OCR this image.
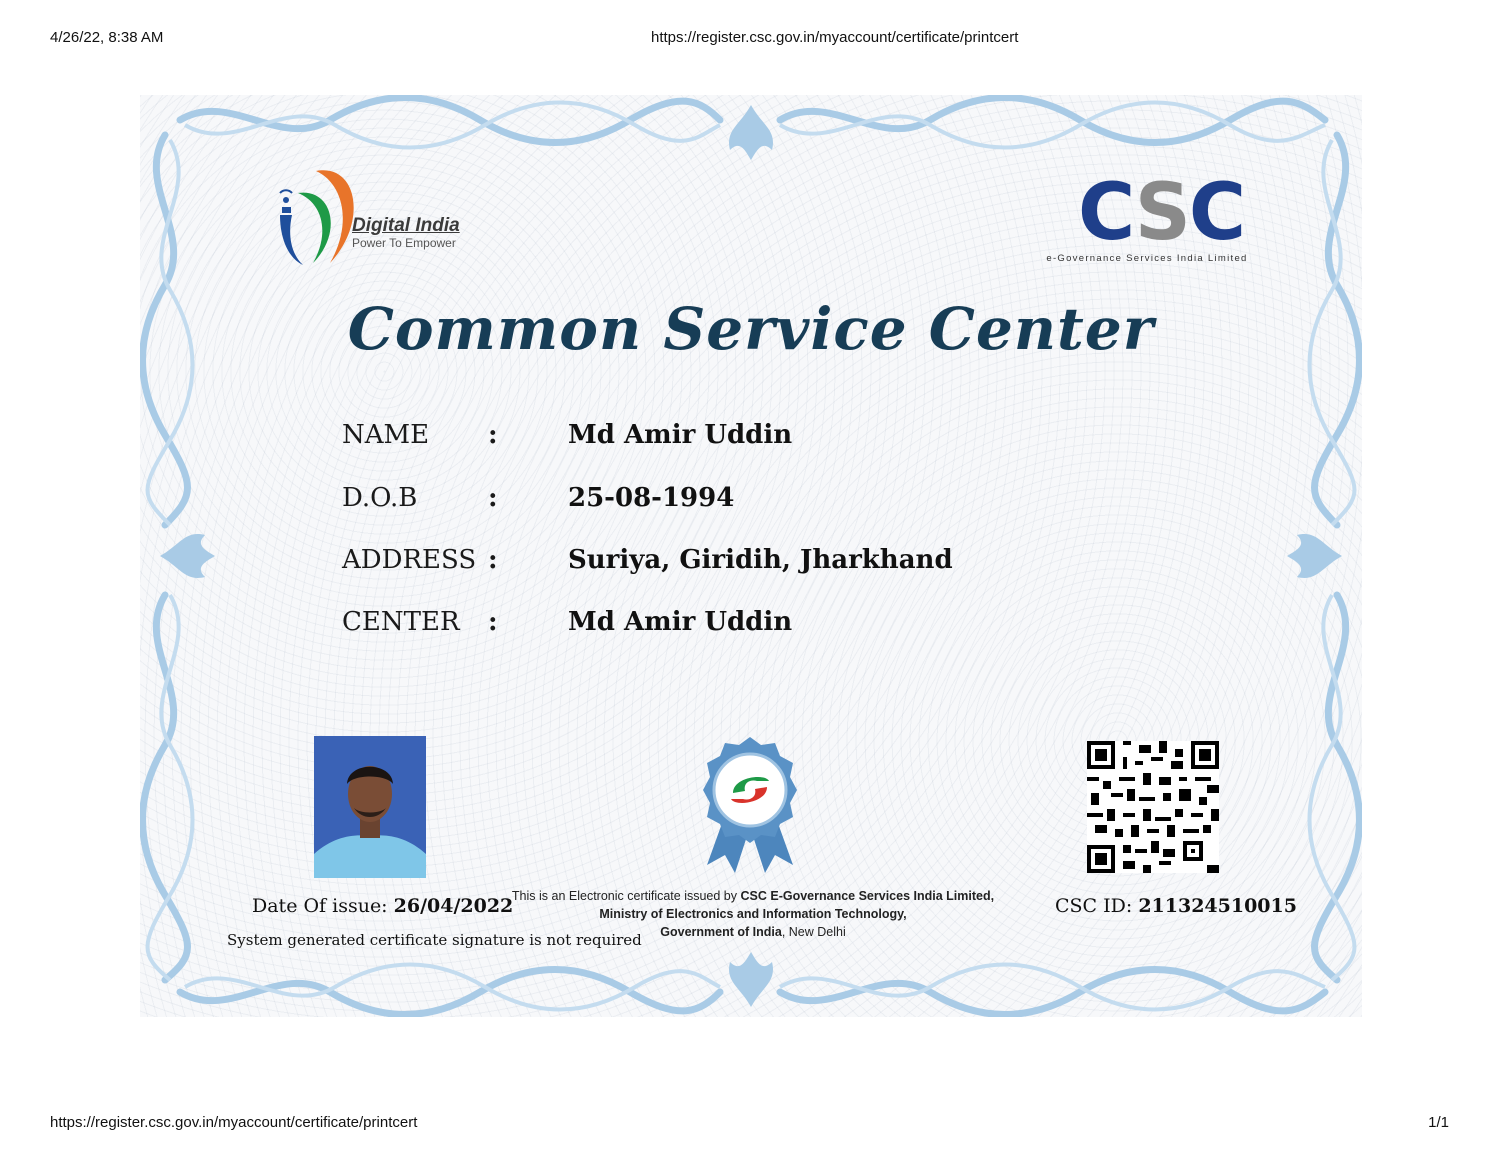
4/26/22, 8:38 AM	https://register.csc.gov.in/myaccount/certificate/printcert
Digital India
Power To Empower	CSC
e-Governance Services India Limited
Common Service Center
NAME :	Md Amir Uddin
D.O.B	:	25-08-1994
ADDRESS :	Suriya, Giridih, Jharkhand
CENTER :	Md Amir Uddin
Date Of issue: 26/04/2022
System generated certificate signature is not required
This is an Electronic certificate issued by CSC E-Governance Services India Limited,
Ministry of Electronics and Information Technology,
Government of India, New Delhi
CSC ID: 211324510015
https://register.csc.gov.in/myaccount/certificate/printcert	1/1
